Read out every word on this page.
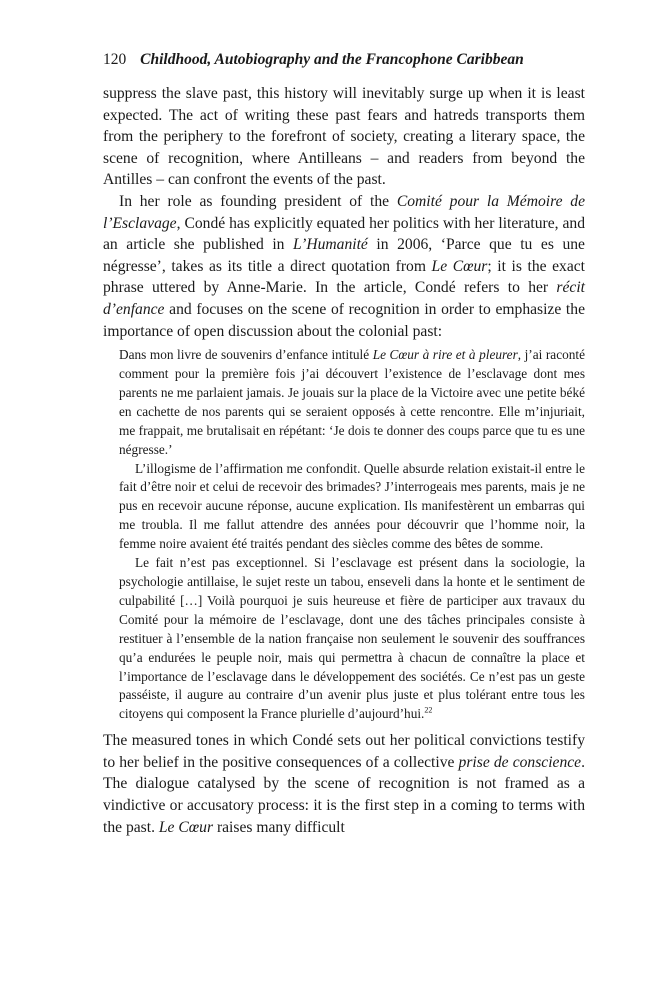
120 Childhood, Autobiography and the Francophone Caribbean

suppress the slave past, this history will inevitably surge up when it is least expected. The act of writing these past fears and hatreds transports them from the periphery to the forefront of society, creating a literary space, the scene of recognition, where Antilleans – and readers from beyond the Antilles – can confront the events of the past.

In her role as founding president of the Comité pour la Mémoire de l’Esclavage, Condé has explicitly equated her politics with her literature, and an article she published in L’Humanité in 2006, ‘Parce que tu es une négresse’, takes as its title a direct quotation from Le Cœur; it is the exact phrase uttered by Anne-Marie. In the article, Condé refers to her récit d’enfance and focuses on the scene of recognition in order to emphasize the importance of open discussion about the colonial past:

Dans mon livre de souvenirs d’enfance intitulé Le Cœur à rire et à pleurer, j’ai raconté comment pour la première fois j’ai découvert l’existence de l’esclavage dont mes parents ne me parlaient jamais. Je jouais sur la place de la Victoire avec une petite béké en cachette de nos parents qui se seraient opposés à cette rencontre. Elle m’injuriait, me frappait, me brutalisait en répétant: ‘Je dois te donner des coups parce que tu es une négresse.’

L’illogisme de l’affirmation me confondit. Quelle absurde relation existait-il entre le fait d’être noir et celui de recevoir des brimades? J’interrogeais mes parents, mais je ne pus en recevoir aucune réponse, aucune explication. Ils manifestèrent un embarras qui me troubla. Il me fallut attendre des années pour découvrir que l’homme noir, la femme noire avaient été traités pendant des siècles comme des bêtes de somme.

Le fait n’est pas exceptionnel. Si l’esclavage est présent dans la sociologie, la psychologie antillaise, le sujet reste un tabou, enseveli dans la honte et le sentiment de culpabilité […] Voilà pourquoi je suis heureuse et fière de participer aux travaux du Comité pour la mémoire de l’esclavage, dont une des tâches principales consiste à restituer à l’ensemble de la nation française non seulement le souvenir des souffrances qu’a endurées le peuple noir, mais qui permettra à chacun de connaître la place et l’importance de l’esclavage dans le développement des sociétés. Ce n’est pas un geste passéiste, il augure au contraire d’un avenir plus juste et plus tolérant entre tous les citoyens qui composent la France plurielle d’aujourd’hui.$^{22}$

The measured tones in which Condé sets out her political convictions testify to her belief in the positive consequences of a collective prise de conscience. The dialogue catalysed by the scene of recognition is not framed as a vindictive or accusatory process: it is the first step in a coming to terms with the past. Le Cœur raises many difficult
